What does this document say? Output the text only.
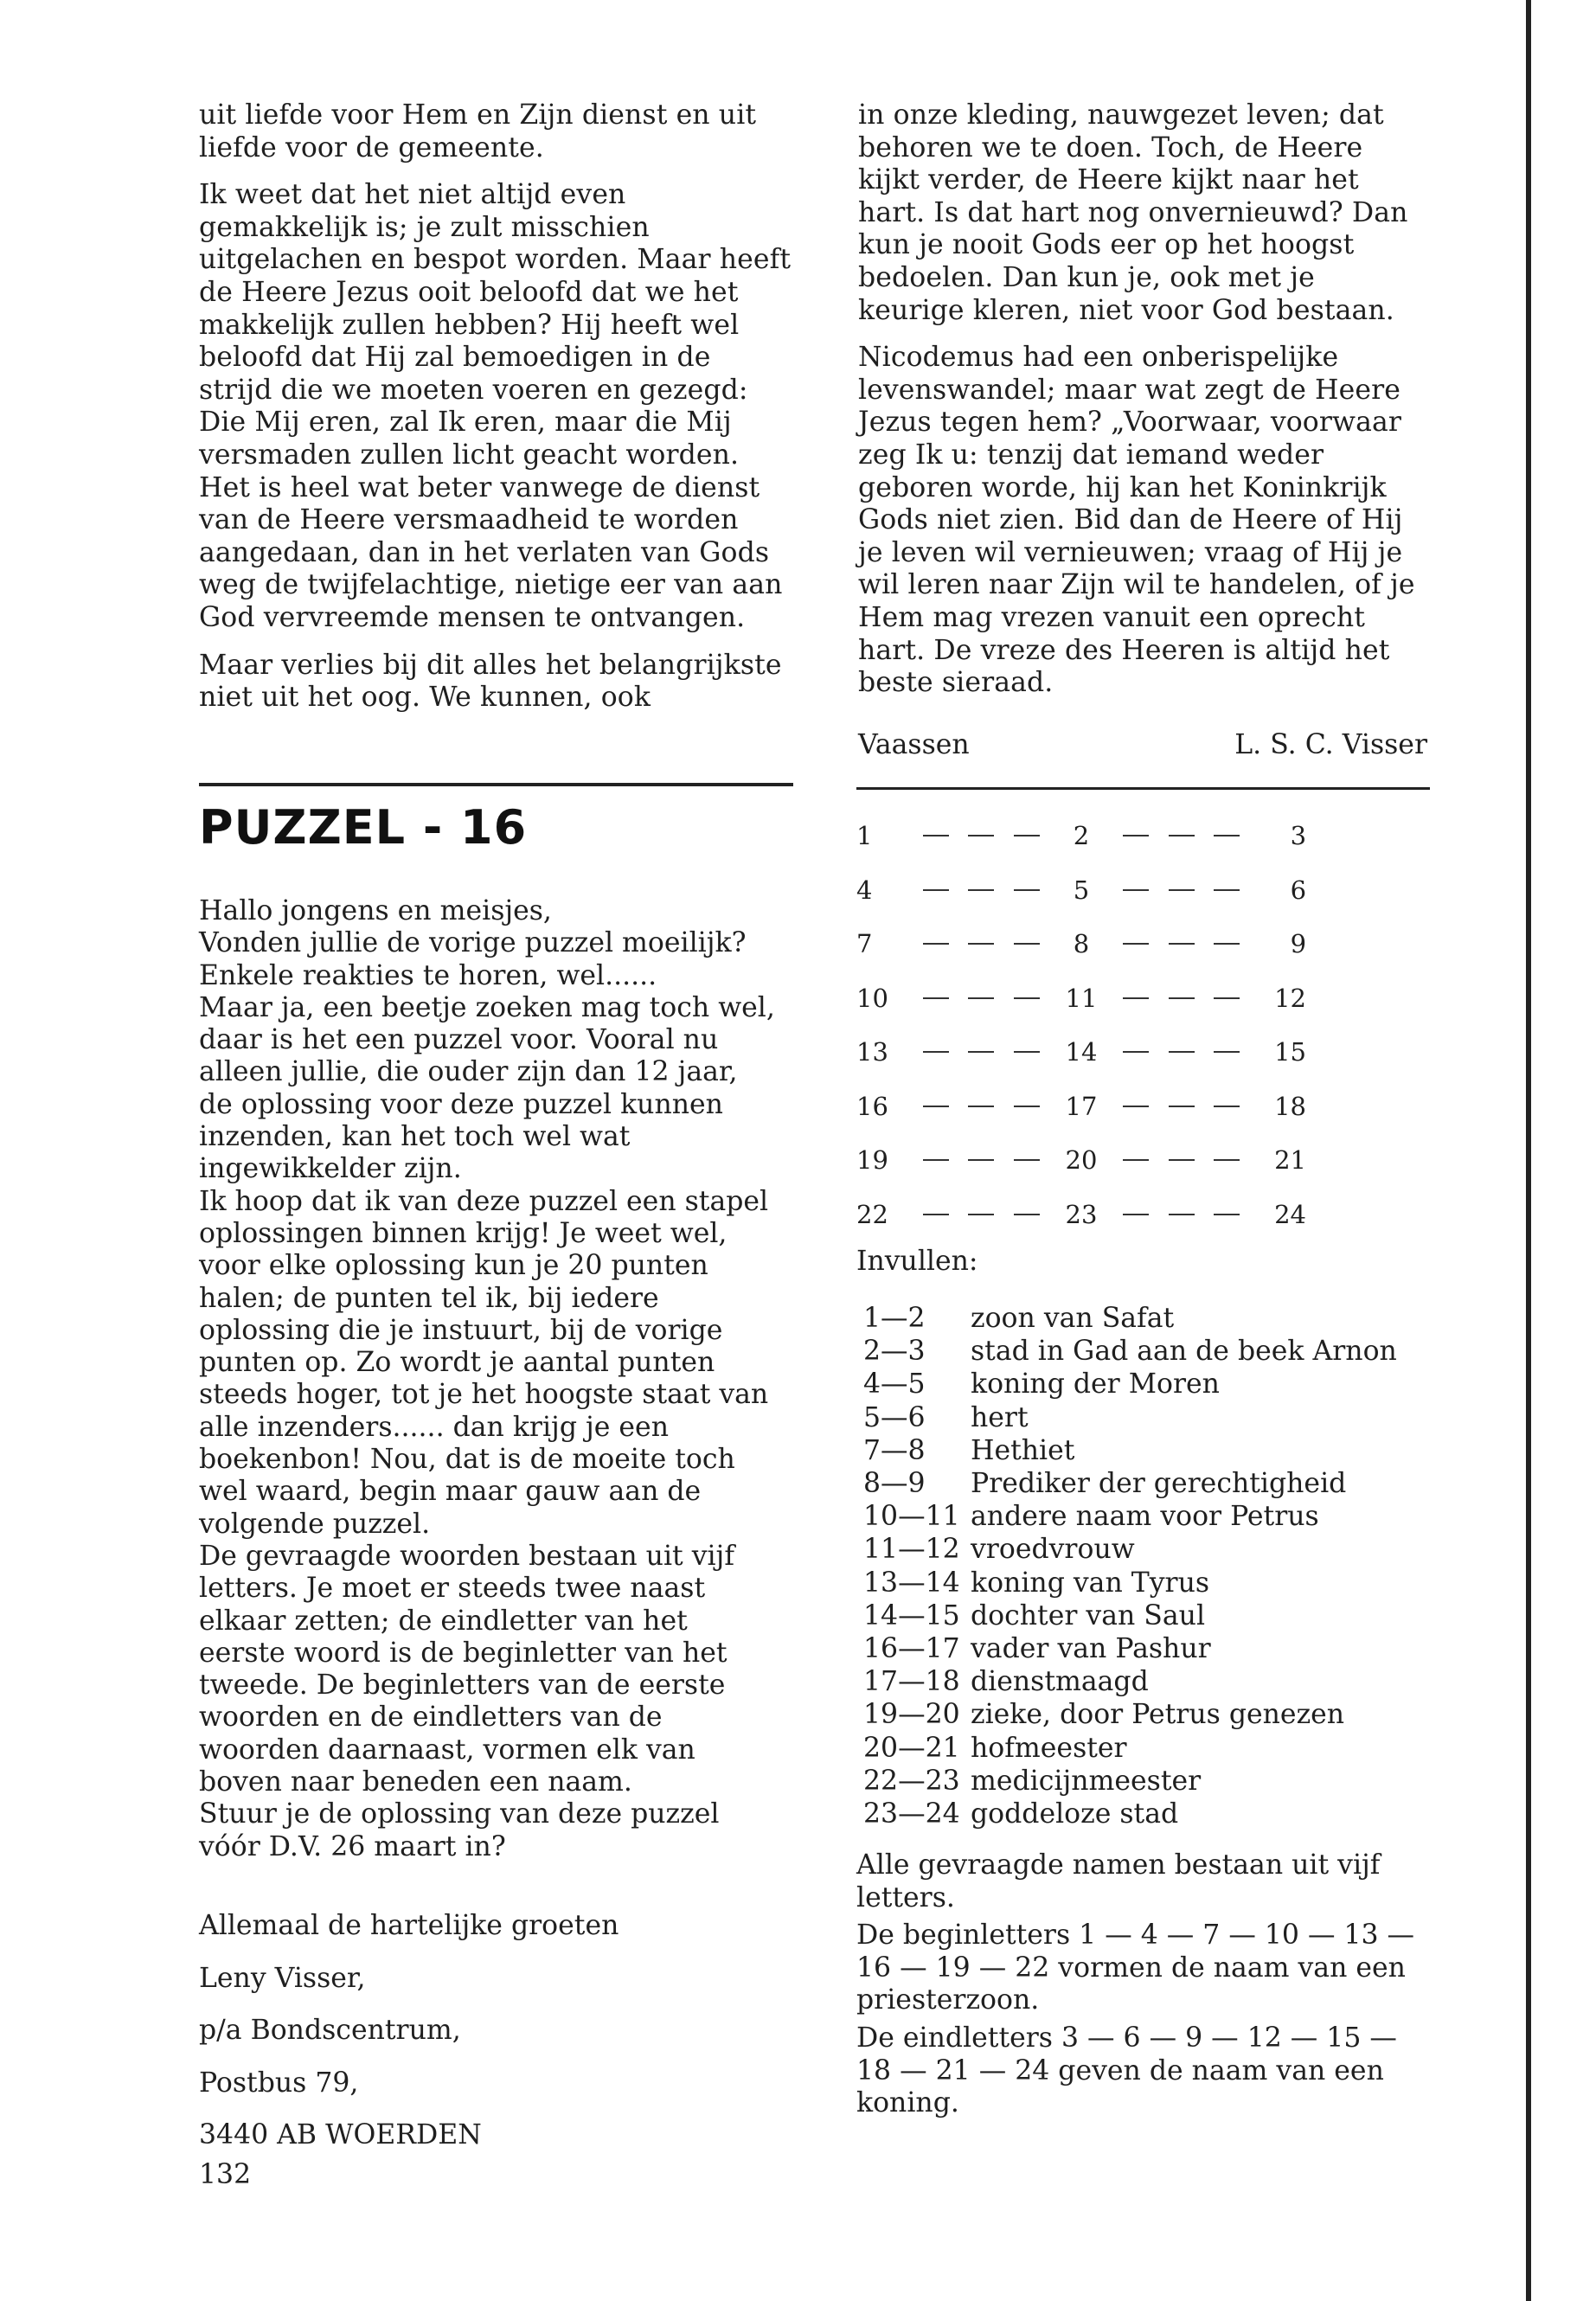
uit liefde voor Hem en Zijn dienst en uit liefde voor de gemeente.

Ik weet dat het niet altijd even gemakkelijk is; je zult misschien uitgelachen en bespot worden. Maar heeft de Heere Jezus ooit beloofd dat we het makkelijk zullen hebben? Hij heeft wel beloofd dat Hij zal bemoedigen in de strijd die we moeten voeren en gezegd: Die Mij eren, zal Ik eren, maar die Mij versmaden zullen licht geacht worden. Het is heel wat beter vanwege de dienst van de Heere versmaadheid te worden aangedaan, dan in het verlaten van Gods weg de twijfelachtige, nietige eer van aan God vervreemde mensen te ontvangen.

Maar verlies bij dit alles het belangrijkste niet uit het oog. We kunnen, ook

in onze kleding, nauwgezet leven; dat behoren we te doen. Toch, de Heere kijkt verder, de Heere kijkt naar het hart. Is dat hart nog onvernieuwd? Dan kun je nooit Gods eer op het hoogst bedoelen. Dan kun je, ook met je keurige kleren, niet voor God bestaan.

Nicodemus had een onberispelijke levenswandel; maar wat zegt de Heere Jezus tegen hem? „Voorwaar, voorwaar zeg Ik u: tenzij dat iemand weder geboren worde, hij kan het Koninkrijk Gods niet zien. Bid dan de Heere of Hij je leven wil vernieuwen; vraag of Hij je wil leren naar Zijn wil te handelen, of je Hem mag vrezen vanuit een oprecht hart. De vreze des Heeren is altijd het beste sieraad.

Vaassen	L. S. C. Visser
PUZZEL - 16

Hallo jongens en meisjes,

Vonden jullie de vorige puzzel moeilijk?

Enkele reakties te horen, wel......

Maar ja, een beetje zoeken mag toch wel, daar is het een puzzel voor. Vooral nu alleen jullie, die ouder zijn dan 12 jaar, de oplossing voor deze puzzel kunnen inzenden, kan het toch wel wat ingewikkelder zijn.

Ik hoop dat ik van deze puzzel een stapel oplossingen binnen krijg! Je weet wel, voor elke oplossing kun je 20 punten halen; de punten tel ik, bij iedere oplossing die je instuurt, bij de vorige punten op. Zo wordt je aantal punten steeds hoger, tot je het hoogste staat van alle inzenders...... dan krijg je een boekenbon! Nou, dat is de moeite toch wel waard, begin maar gauw aan de volgende puzzel.

De gevraagde woorden bestaan uit vijf letters. Je moet er steeds twee naast elkaar zetten; de eindletter van het eerste woord is de beginletter van het tweede. De beginletters van de eerste woorden en de eindletters van de woorden daarnaast, vormen elk van boven naar beneden een naam.

Stuur je de oplossing van deze puzzel vóór D.V. 26 maart in?

Allemaal de hartelijke groeten

Leny Visser,

p/a Bondscentrum,

Postbus 79,

3440 AB WOERDEN

132
1	2	3
4	5	6
7	8	9
10	11	12
13	14	15
16	17	18
19	20	21
22	23	24
Invullen:
1—2	zoon van Safat
2—3	stad in Gad aan de beek Arnon
4—5	koning der Moren
5—6	hert
7—8	Hethiet
8—9	Prediker der gerechtigheid
10—11 andere naam voor Petrus
11—12 vroedvrouw
13—14 koning van Tyrus
14—15 dochter van Saul
16—17 vader van Pashur
17—18 dienstmaagd
19—20 zieke, door Petrus genezen
20—21 hofmeester
22—23 medicijnmeester
23—24 goddeloze stad

Alle gevraagde namen bestaan uit vijf letters.

De beginletters 1 — 4 — 7 — 10 — 13 — 16 — 19 — 22 vormen de naam van een priesterzoon.

De eindletters 3 — 6 — 9 — 12 — 15 — 18 — 21 — 24 geven de naam van een koning.
